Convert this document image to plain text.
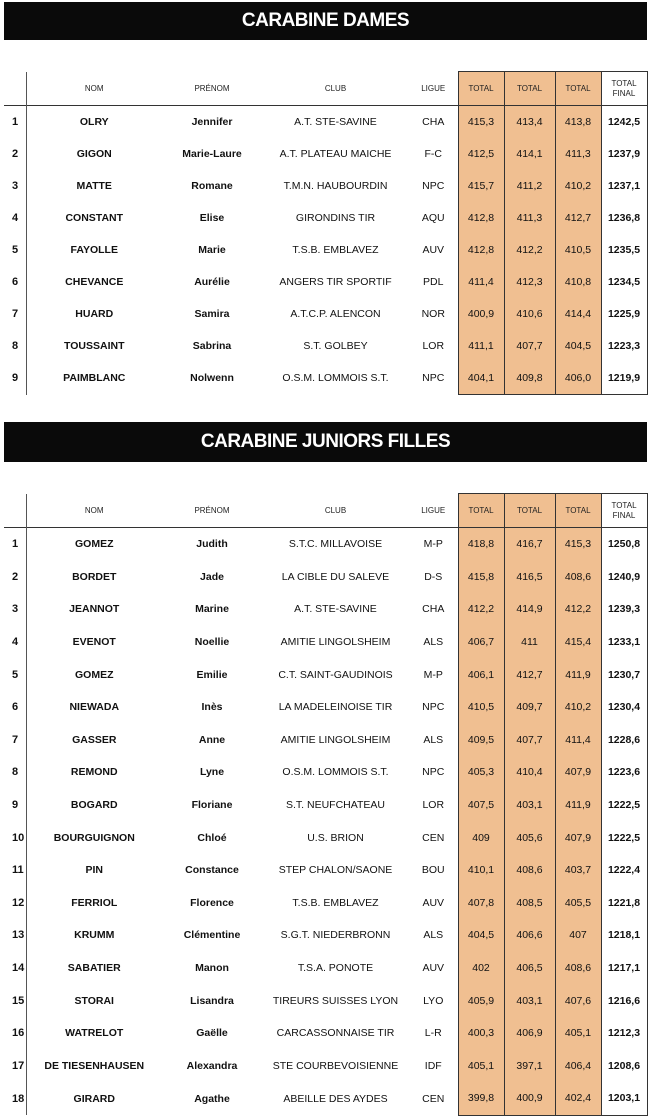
CARABINE DAMES
	NOM	PRÉNOM	CLUB	LIGUE	TOTAL	TOTAL	TOTAL	TOTAL FINAL
1	OLRY	Jennifer	A.T. STE-SAVINE	CHA	415,3	413,4	413,8	1242,5
2	GIGON	Marie-Laure	A.T. PLATEAU MAICHE	F-C	412,5	414,1	411,3	1237,9
3	MATTE	Romane	T.M.N. HAUBOURDIN	NPC	415,7	411,2	410,2	1237,1
4	CONSTANT	Elise	GIRONDINS TIR	AQU	412,8	411,3	412,7	1236,8
5	FAYOLLE	Marie	T.S.B. EMBLAVEZ	AUV	412,8	412,2	410,5	1235,5
6	CHEVANCE	Aurélie	ANGERS TIR SPORTIF	PDL	411,4	412,3	410,8	1234,5
7	HUARD	Samira	A.T.C.P. ALENCON	NOR	400,9	410,6	414,4	1225,9
8	TOUSSAINT	Sabrina	S.T. GOLBEY	LOR	411,1	407,7	404,5	1223,3
9	PAIMBLANC	Nolwenn	O.S.M. LOMMOIS S.T.	NPC	404,1	409,8	406,0	1219,9
CARABINE JUNIORS FILLES
	NOM	PRÉNOM	CLUB	LIGUE	TOTAL	TOTAL	TOTAL	TOTAL FINAL
1	GOMEZ	Judith	S.T.C. MILLAVOISE	M-P	418,8	416,7	415,3	1250,8
2	BORDET	Jade	LA CIBLE DU SALEVE	D-S	415,8	416,5	408,6	1240,9
3	JEANNOT	Marine	A.T. STE-SAVINE	CHA	412,2	414,9	412,2	1239,3
4	EVENOT	Noellie	AMITIE LINGOLSHEIM	ALS	406,7	411	415,4	1233,1
5	GOMEZ	Emilie	C.T. SAINT-GAUDINOIS	M-P	406,1	412,7	411,9	1230,7
6	NIEWADA	Inès	LA MADELEINOISE TIR	NPC	410,5	409,7	410,2	1230,4
7	GASSER	Anne	AMITIE LINGOLSHEIM	ALS	409,5	407,7	411,4	1228,6
8	REMOND	Lyne	O.S.M. LOMMOIS S.T.	NPC	405,3	410,4	407,9	1223,6
9	BOGARD	Floriane	S.T. NEUFCHATEAU	LOR	407,5	403,1	411,9	1222,5
10	BOURGUIGNON	Chloé	U.S. BRION	CEN	409	405,6	407,9	1222,5
11	PIN	Constance	STEP CHALON/SAONE	BOU	410,1	408,6	403,7	1222,4
12	FERRIOL	Florence	T.S.B. EMBLAVEZ	AUV	407,8	408,5	405,5	1221,8
13	KRUMM	Clémentine	S.G.T. NIEDERBRONN	ALS	404,5	406,6	407	1218,1
14	SABATIER	Manon	T.S.A. PONOTE	AUV	402	406,5	408,6	1217,1
15	STORAI	Lisandra	TIREURS SUISSES LYON	LYO	405,9	403,1	407,6	1216,6
16	WATRELOT	Gaëlle	CARCASSONNAISE TIR	L-R	400,3	406,9	405,1	1212,3
17	DE TIESENHAUSEN	Alexandra	STE COURBEVOISIENNE	IDF	405,1	397,1	406,4	1208,6
18	GIRARD	Agathe	ABEILLE DES AYDES	CEN	399,8	400,9	402,4	1203,1
